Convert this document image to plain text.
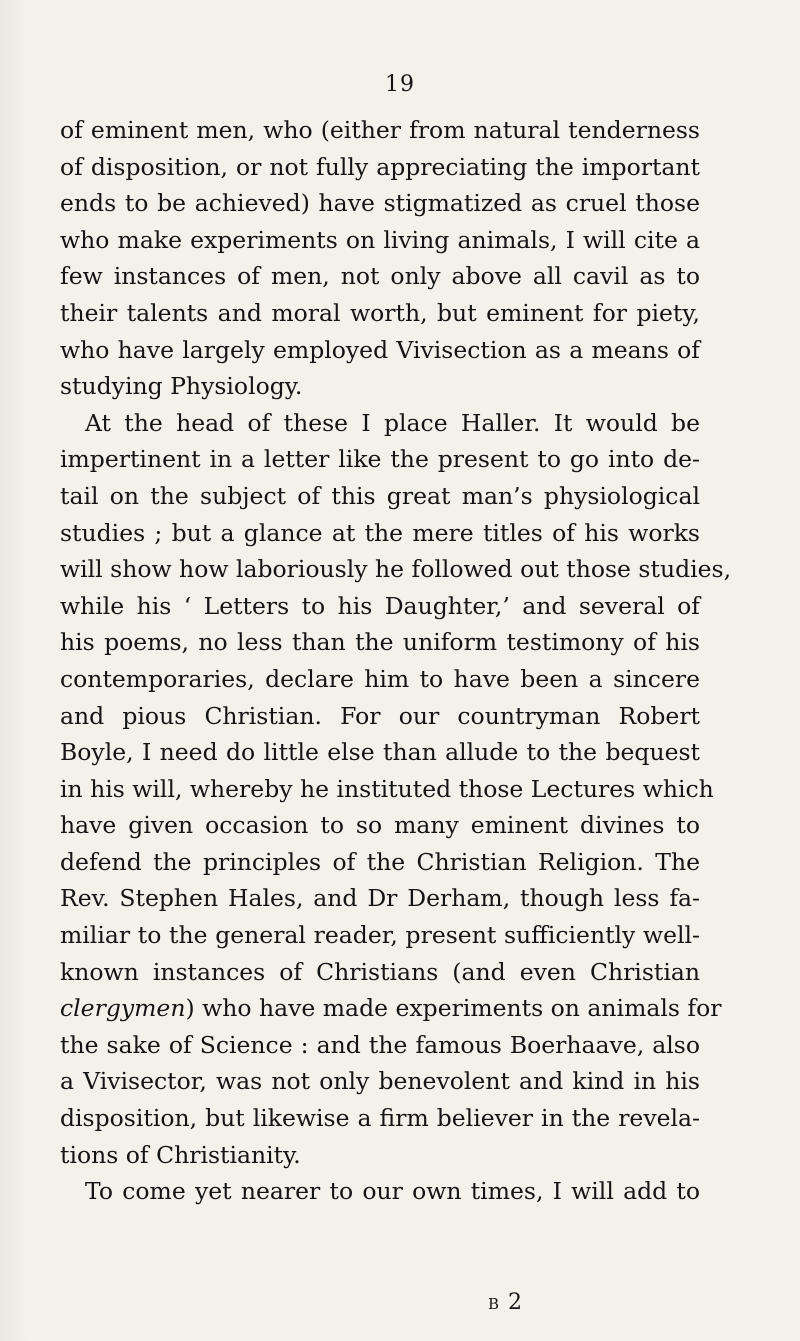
19
of eminent men, who (either from natural tenderness
of disposition, or not fully appreciating the important
ends to be achieved) have stigmatized as cruel those
who make experiments on living animals, I will cite a
few instances of men, not only above all cavil as to
their talents and moral worth, but eminent for piety,
who have largely employed Vivisection as a means of
studying Physiology.
At the head of these I place Haller. It would be
impertinent in a letter like the present to go into de-
tail on the subject of this great man’s physiological
studies ; but a glance at the mere titles of his works
will show how laboriously he followed out those studies,
while his ‘ Letters to his Daughter,’ and several of
his poems, no less than the uniform testimony of his
contemporaries, declare him to have been a sincere
and pious Christian. For our countryman Robert
Boyle, I need do little else than allude to the bequest
in his will, whereby he instituted those Lectures which
have given occasion to so many eminent divines to
defend the principles of the Christian Religion. The
Rev. Stephen Hales, and Dr Derham, though less fa-
miliar to the general reader, present sufficiently well-
known instances of Christians (and even Christian
clergymen) who have made experiments on animals for
the sake of Science : and the famous Boerhaave, also
a Vivisector, was not only benevolent and kind in his
disposition, but likewise a firm believer in the revela-
tions of Christianity.
To come yet nearer to our own times, I will add to
B 2
